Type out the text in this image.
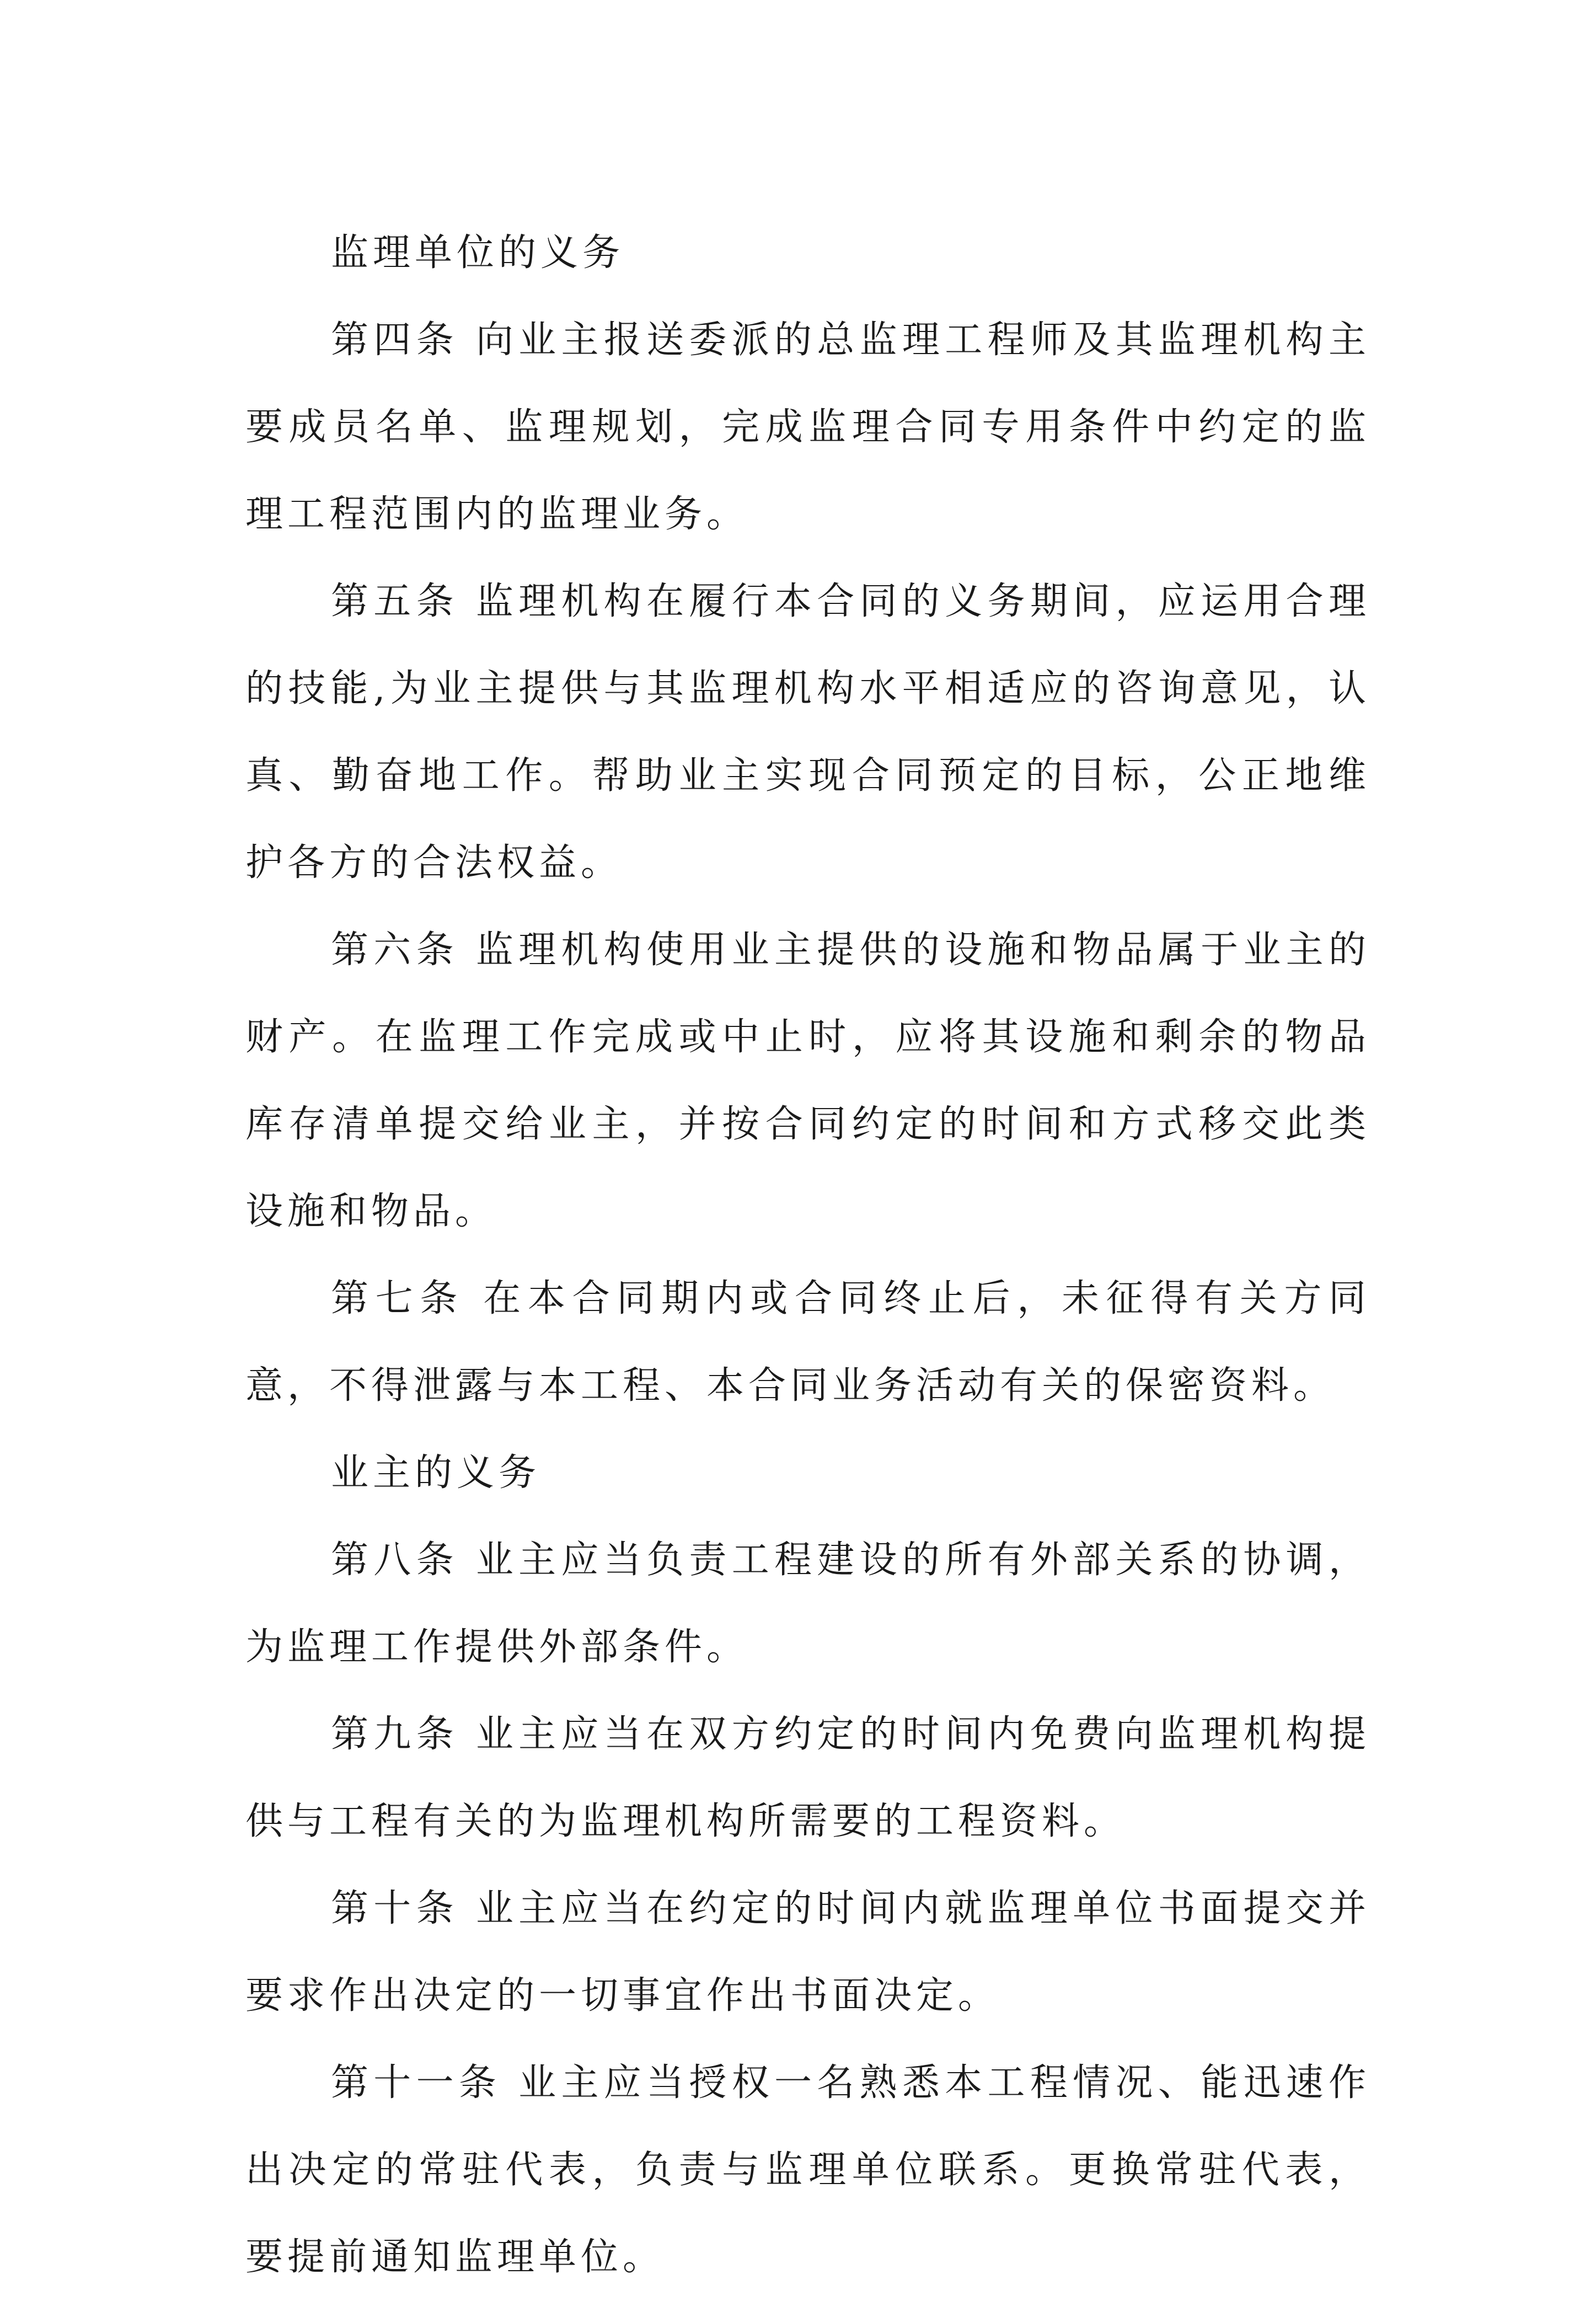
监理单位的义务

第四条 向业主报送委派的总监理工程师及其监理机构主要成员名单、监理规划，完成监理合同专用条件中约定的监理工程范围内的监理业务。

第五条 监理机构在履行本合同的义务期间，应运用合理的技能,为业主提供与其监理机构水平相适应的咨询意见，认真、勤奋地工作。帮助业主实现合同预定的目标，公正地维护各方的合法权益。

第六条 监理机构使用业主提供的设施和物品属于业主的财产。在监理工作完成或中止时，应将其设施和剩余的物品库存清单提交给业主，并按合同约定的时间和方式移交此类设施和物品。

第七条 在本合同期内或合同终止后，未征得有关方同意，不得泄露与本工程、本合同业务活动有关的保密资料。

业主的义务

第八条 业主应当负责工程建设的所有外部关系的协调，为监理工作提供外部条件。

第九条 业主应当在双方约定的时间内免费向监理机构提供与工程有关的为监理机构所需要的工程资料。

第十条 业主应当在约定的时间内就监理单位书面提交并要求作出决定的一切事宜作出书面决定。

第十一条 业主应当授权一名熟悉本工程情况、能迅速作出决定的常驻代表，负责与监理单位联系。更换常驻代表，要提前通知监理单位。
